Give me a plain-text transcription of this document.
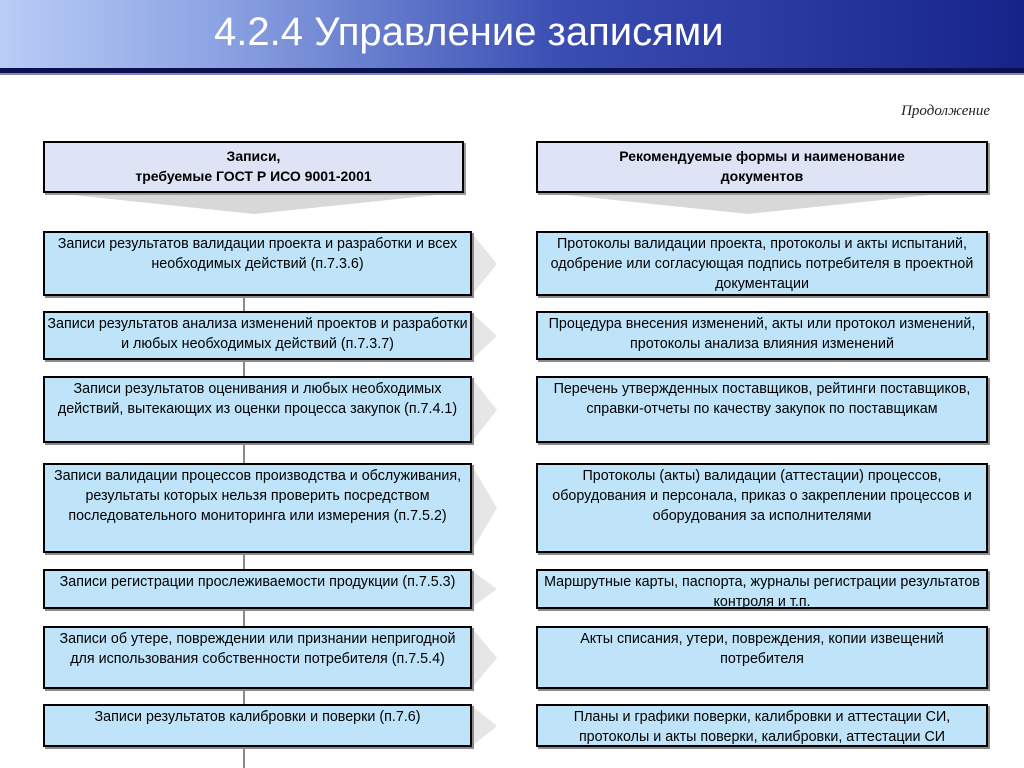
4.2.4 Управление записями
Продолжение
Записи,
требуемые ГОСТ Р ИСО 9001-2001
Рекомендуемые формы и наименование
документов
Записи результатов валидации проекта и разработки и всех необходимых действий (п.7.3.6)
Протоколы валидации проекта, протоколы и акты испытаний, одобрение или согласующая подпись потребителя в проектной документации
Записи результатов анализа изменений проектов и разработки и любых необходимых действий (п.7.3.7)
Процедура внесения изменений, акты или протокол изменений, протоколы анализа влияния изменений
Записи результатов оценивания и любых необходимых действий, вытекающих из оценки процесса закупок (п.7.4.1)
Перечень утвержденных поставщиков, рейтинги поставщиков, справки-отчеты по качеству закупок по поставщикам
Записи валидации процессов производства и обслуживания, результаты которых нельзя проверить посредством последовательного мониторинга или измерения (п.7.5.2)
Протоколы (акты) валидации (аттестации) процессов, оборудования и персонала, приказ о закреплении процессов и оборудования за исполнителями
Записи регистрации прослеживаемости продукции (п.7.5.3)	Маршрутные карты, паспорта, журналы регистрации результатов контроля и т.п.
Записи об утере, повреждении или признании непригодной для использования собственности потребителя (п.7.5.4)
Акты списания, утери, повреждения, копии извещений потребителя
Записи результатов калибровки и поверки (п.7.6)	Планы и графики поверки, калибровки и аттестации СИ, протоколы и акты поверки, калибровки, аттестации СИ
